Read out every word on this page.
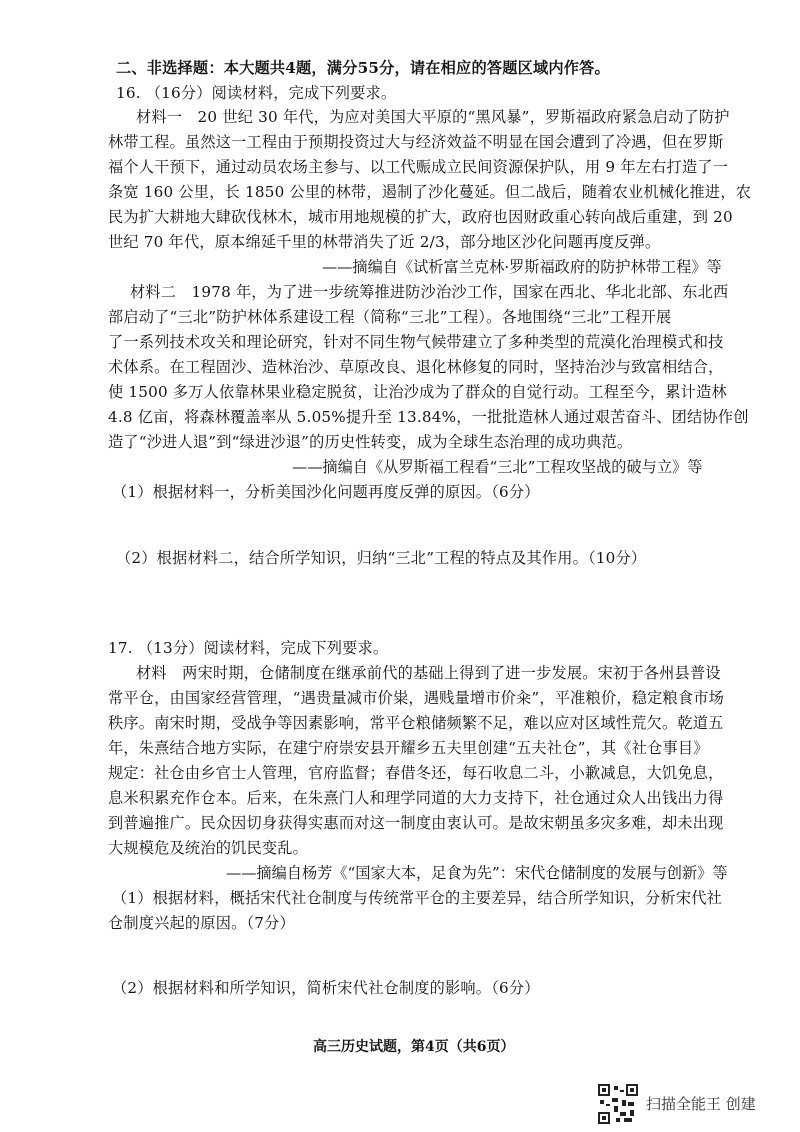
二、非选择题：本大题共4题，满分55分，请在相应的答题区域内作答。
16. （16分）阅读材料，完成下列要求。
材料一　20 世纪 30 年代，为应对美国大平原的“黑风暴”，罗斯福政府紧急启动了防护
林带工程。虽然这一工程由于预期投资过大与经济效益不明显在国会遭到了冷遇，但在罗斯
福个人干预下，通过动员农场主参与、以工代赈成立民间资源保护队，用 9 年左右打造了一
条宽 160 公里，长 1850 公里的林带，遏制了沙化蔓延。但二战后，随着农业机械化推进，农
民为扩大耕地大肆砍伐林木，城市用地规模的扩大，政府也因财政重心转向战后重建，到 20
世纪 70 年代，原本绵延千里的林带消失了近 2/3，部分地区沙化问题再度反弹。
——摘编自《试析富兰克林·罗斯福政府的防护林带工程》等
材料二　1978 年，为了进一步统筹推进防沙治沙工作，国家在西北、华北北部、东北西
部启动了“三北”防护林体系建设工程（简称“三北”工程）。各地围绕“三北”工程开展
了一系列技术攻关和理论研究，针对不同生物气候带建立了多种类型的荒漠化治理模式和技
术体系。在工程固沙、造林治沙、草原改良、退化林修复的同时，坚持治沙与致富相结合，
使 1500 多万人依靠林果业稳定脱贫，让治沙成为了群众的自觉行动。工程至今，累计造林
4.8 亿亩，将森林覆盖率从 5.05%提升至 13.84%，一批批造林人通过艰苦奋斗、团结协作创
造了“沙进人退”到“绿进沙退”的历史性转变，成为全球生态治理的成功典范。
——摘编自《从罗斯福工程看“三北”工程攻坚战的破与立》等
（1）根据材料一，分析美国沙化问题再度反弹的原因。（6分）
（2）根据材料二，结合所学知识，归纳“三北”工程的特点及其作用。（10分）
17. （13分）阅读材料，完成下列要求。
材料　两宋时期，仓储制度在继承前代的基础上得到了进一步发展。宋初于各州县普设
常平仓，由国家经营管理，“遇贵量减市价粜，遇贱量增市价籴”，平准粮价，稳定粮食市场
秩序。南宋时期，受战争等因素影响，常平仓粮储频繁不足，难以应对区域性荒欠。乾道五
年，朱熹结合地方实际，在建宁府崇安县开耀乡五夫里创建“五夫社仓”，其《社仓事目》
规定：社仓由乡官士人管理，官府监督；春借冬还，每石收息二斗，小歉减息，大饥免息，
息米积累充作仓本。后来，在朱熹门人和理学同道的大力支持下，社仓通过众人出钱出力得
到普遍推广。民众因切身获得实惠而对这一制度由衷认可。是故宋朝虽多灾多难，却未出现
大规模危及统治的饥民变乱。
——摘编自杨芳《“国家大本，足食为先”：宋代仓储制度的发展与创新》等
（1）根据材料，概括宋代社仓制度与传统常平仓的主要差异，结合所学知识，分析宋代社
仓制度兴起的原因。（7分）
（2）根据材料和所学知识，简析宋代社仓制度的影响。（6分）
高三历史试题，第4页（共6页）
扫描全能王 创建
